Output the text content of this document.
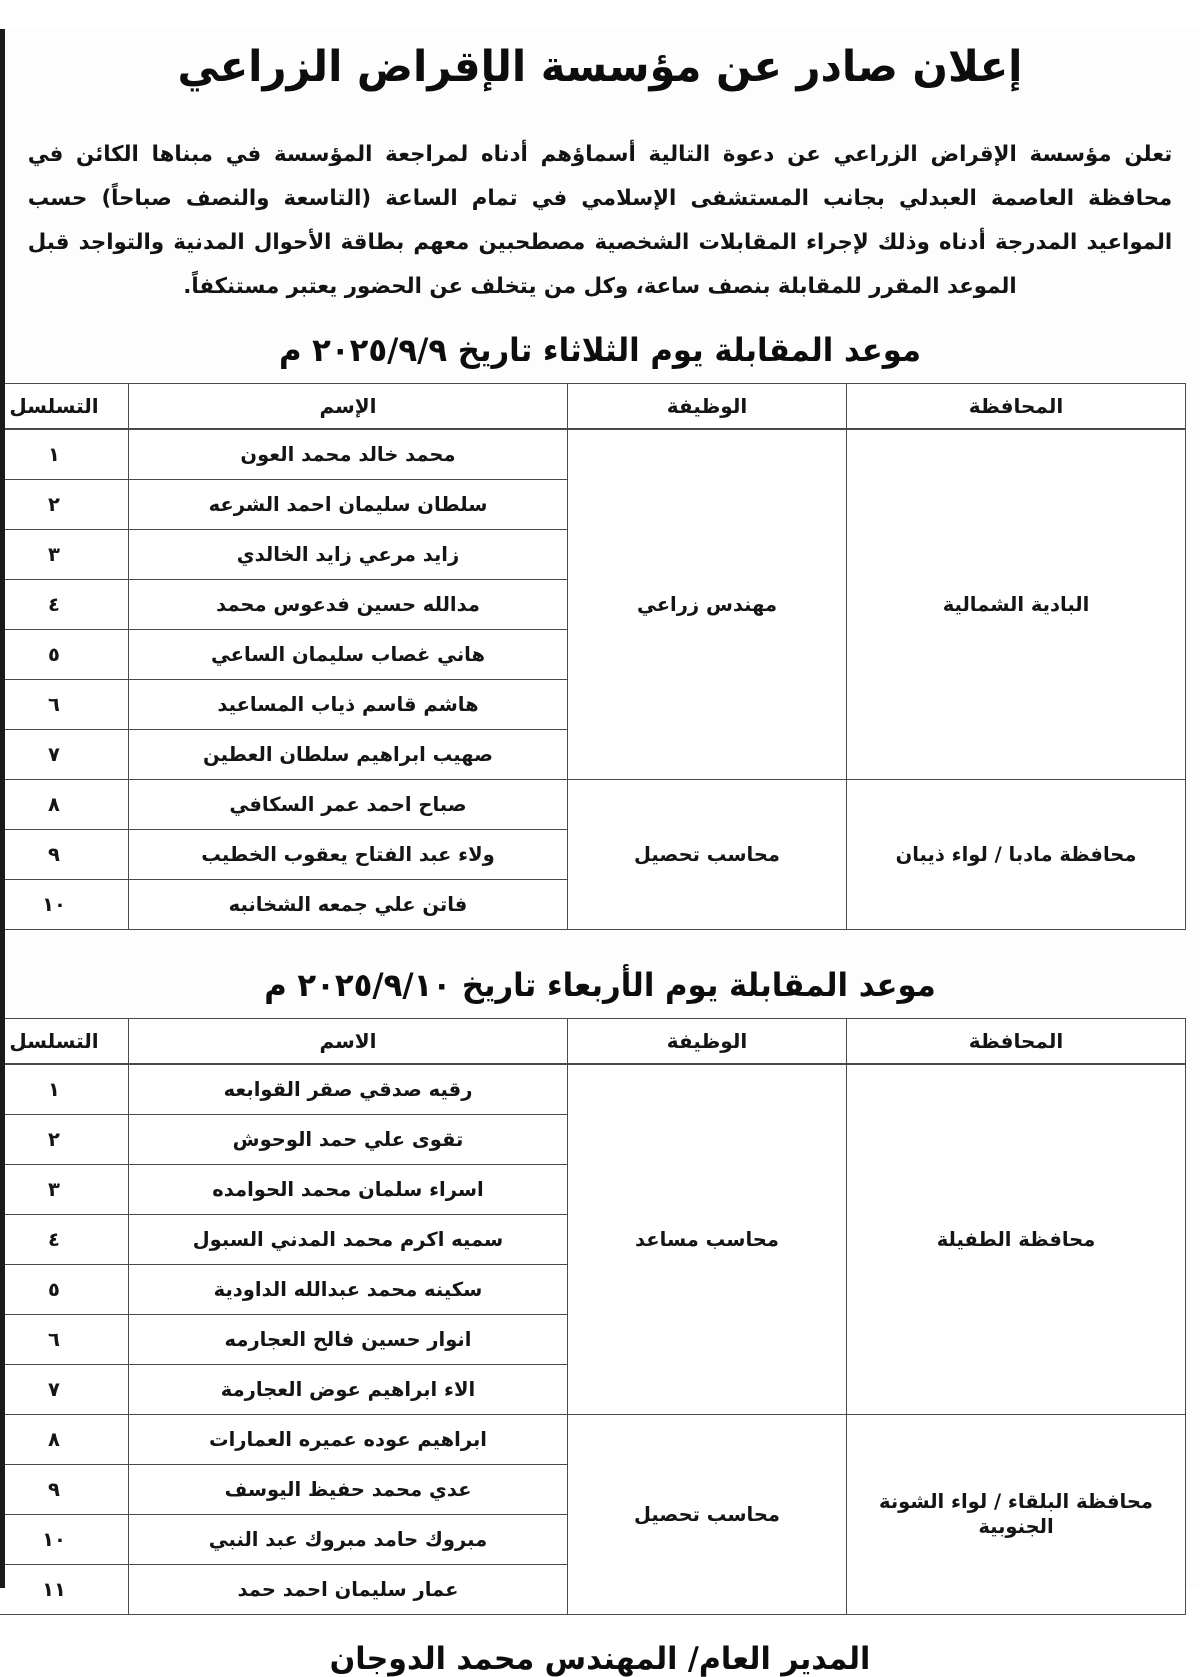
إعلان صادر عن مؤسسة الإقراض الزراعي

تعلن مؤسسة الإقراض الزراعي عن دعوة التالية أسماؤهم أدناه لمراجعة المؤسسة في مبناها الكائن في محافظة العاصمة العبدلي بجانب المستشفى الإسلامي في تمام الساعة (التاسعة والنصف صباحاً) حسب المواعيد المدرجة أدناه وذلك لإجراء المقابلات الشخصية مصطحبين معهم بطاقة الأحوال المدنية والتواجد قبل الموعد المقرر للمقابلة بنصف ساعة، وكل من يتخلف عن الحضور يعتبر مستنكفاً.

موعد المقابلة يوم الثلاثاء تاريخ ٢٠٢٥/٩/٩ م
المحافظة	الوظيفة	الإسم	التسلسل
البادية الشمالية	مهندس زراعي	محمد خالد محمد العون	١
		سلطان سليمان احمد الشرعه	٢
		زايد مرعي زايد الخالدي	٣
		مدالله حسين فدعوس محمد	٤
		هاني غصاب سليمان الساعي	٥
		هاشم قاسم ذياب المساعيد	٦
		صهيب ابراهيم سلطان العطين	٧
محافظة مادبا / لواء ذيبان	محاسب تحصيل	صباح احمد عمر السكافي	٨
		ولاء عبد الفتاح يعقوب الخطيب	٩
		فاتن علي جمعه الشخانبه	١٠
موعد المقابلة يوم الأربعاء تاريخ ٢٠٢٥/٩/١٠ م
المحافظة	الوظيفة	الاسم	التسلسل
محافظة الطفيلة	محاسب مساعد	رقيه صدقي صقر القوابعه	١
		تقوى علي حمد الوحوش	٢
		اسراء سلمان محمد الحوامده	٣
		سميه اكرم محمد المدني السبول	٤
		سكينه محمد عبدالله الداودية	٥
		انوار حسين فالح العجارمه	٦
		الاء ابراهيم عوض العجارمة	٧
محافظة البلقاء / لواء الشونة الجنوبية	محاسب تحصيل	ابراهيم عوده عميره العمارات	٨
		عدي محمد حفيظ اليوسف	٩
		مبروك حامد مبروك عبد النبي	١٠
		عمار سليمان احمد حمد	١١
المدير العام/ المهندس محمد الدوجان
